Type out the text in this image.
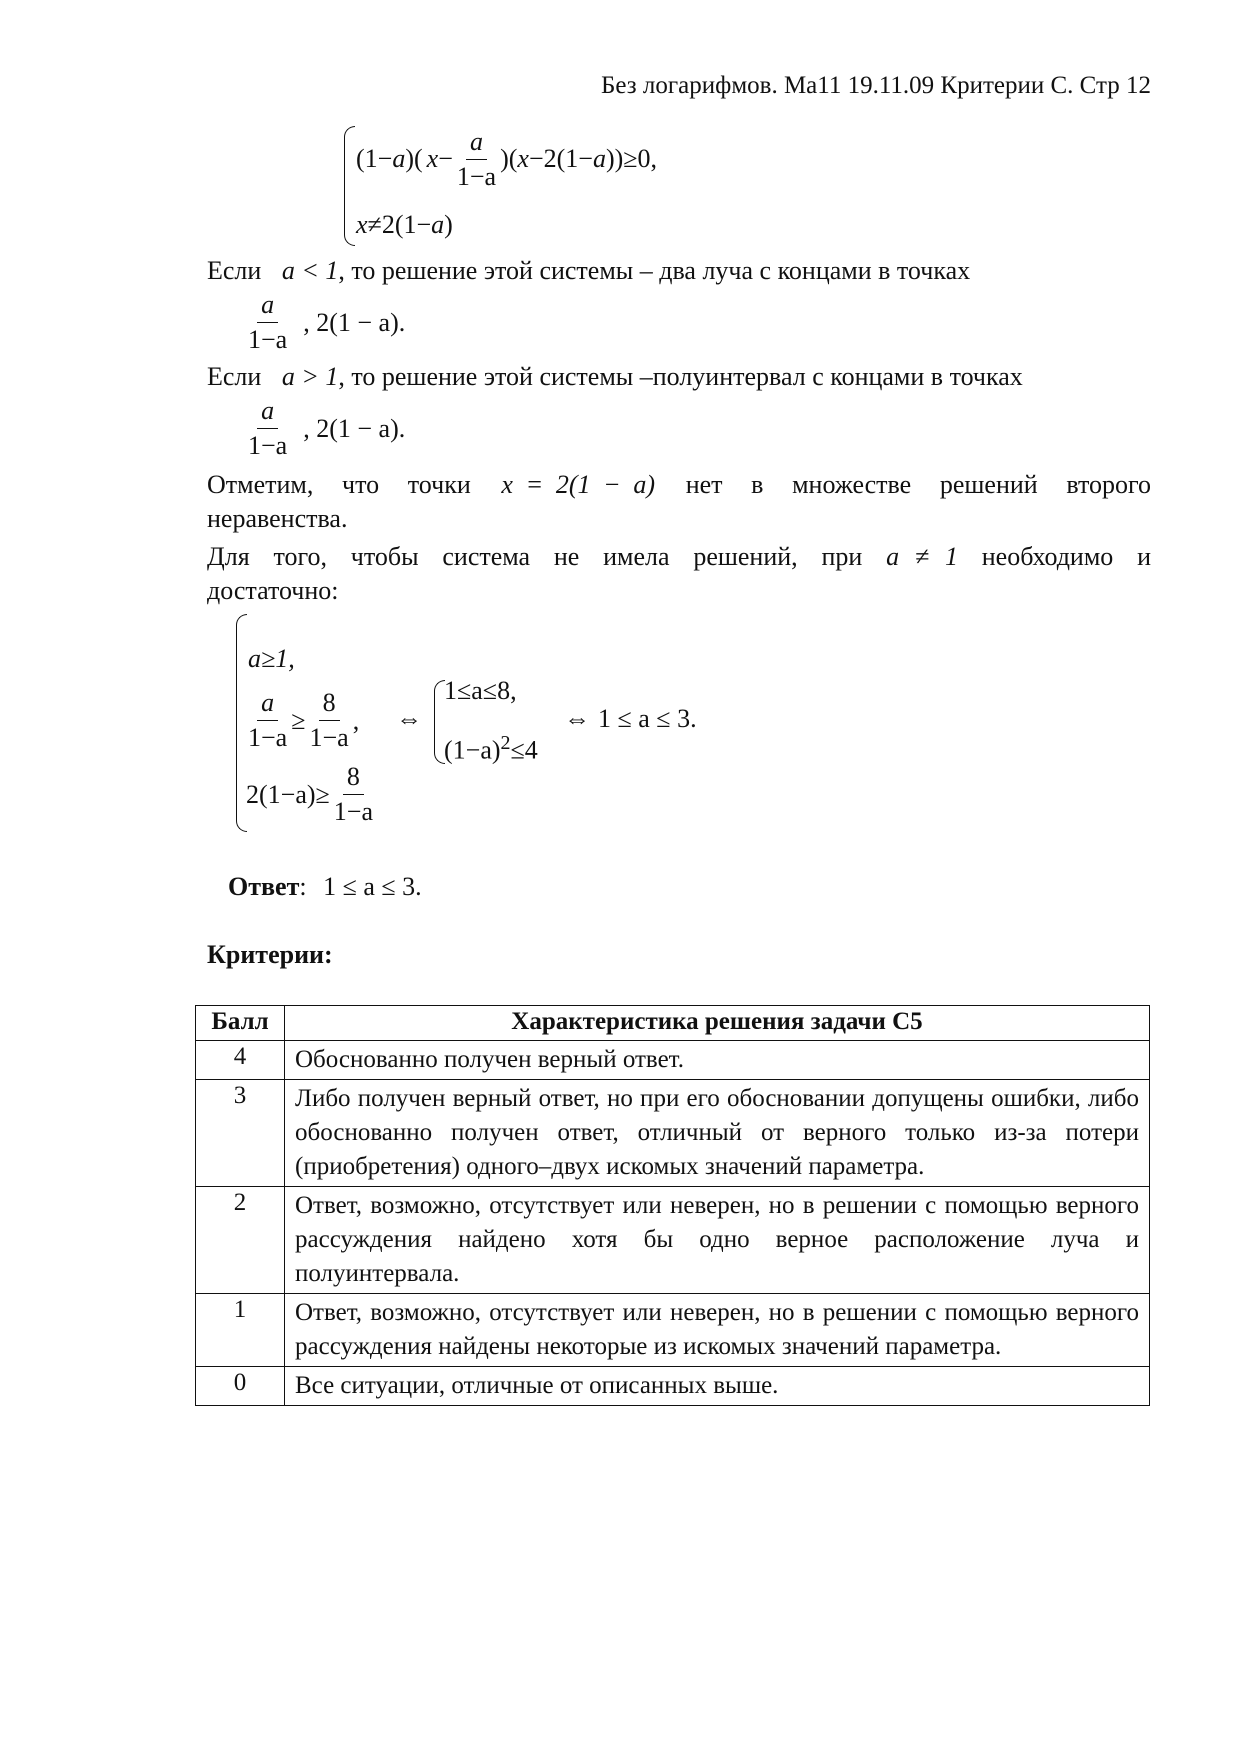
Без логарифмов. Ма11 19.11.09 Критерии С. Стр 12
(1− a )( $x - \frac{a}{1-a}$ )( x −2(1− a ))≥0,
x≠2(1−a)
Если a < 1, то решение этой системы – два луча с концами в точках
$\frac{a}{1-a}$ , 2(1 − a).
Если a > 1, то решение этой системы –полуинтервал с концами в точках
$\frac{a}{1-a}$ , 2(1 − a).
Отметим, что точки x = 2(1 − a) нет в множестве решений второго неравенства.
Для того, чтобы система не имела решений, при a ≠ 1 необходимо и достаточно:
a≥1,
$\frac{a}{1-a} \ge \frac{8}{1-a}$ ,
$2(1-a)\ge \frac{8}{1-a}$
⇔
1≤a≤8,
$(1-a)^2\le 4$
⇔ 1 ≤ a ≤ 3.
Ответ: 1 ≤ a ≤ 3.
Критерии:
Балл	Характеристика решения задачи С5
4	Обоснованно получен верный ответ.
3	Либо получен верный ответ, но при его обосновании допущены ошибки, либо обоснованно получен ответ, отличный от верного только из-за потери (приобретения) одного–двух искомых значений параметра.
2	Ответ, возможно, отсутствует или неверен, но в решении с помощью верного рассуждения найдено хотя бы одно верное расположение луча и полуинтервала.
1	Ответ, возможно, отсутствует или неверен, но в решении с помощью верного рассуждения найдены некоторые из искомых значений параметра.
0	Все ситуации, отличные от описанных выше.
